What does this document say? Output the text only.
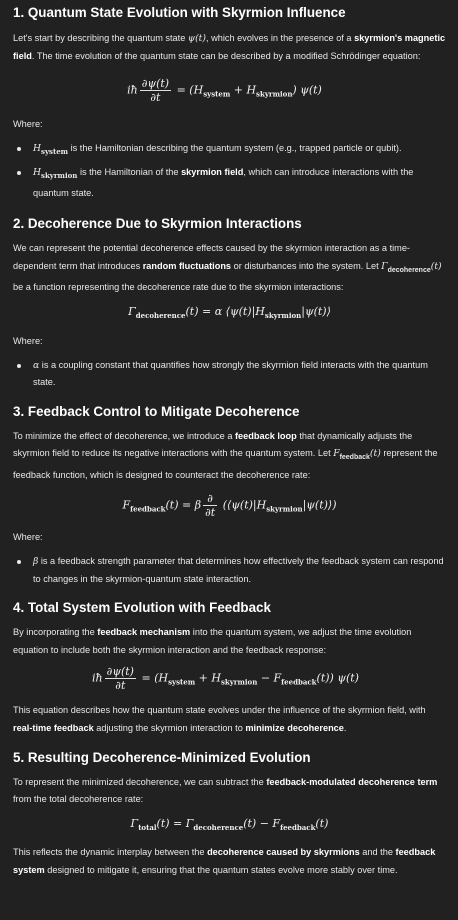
1. Quantum State Evolution with Skyrmion Influence

Let's start by describing the quantum state ψ(t), which evolves in the presence of a skyrmion's magnetic field. The time evolution of the quantum state can be described by a modified Schrödinger equation:

iħ $\frac{\partial\psi(t)}{\partial t} = (H_{system} + H_{skyrmion})$ ψ(t)

Where:

$H_{system}$ is the Hamiltonian describing the quantum system (e.g., trapped particle or qubit).
$H_{skyrmion}$ is the Hamiltonian of the skyrmion field, which can introduce interactions with the quantum state.
2. Decoherence Due to Skyrmion Interactions

We can represent the potential decoherence effects caused by the skyrmion interaction as a time-dependent term that introduces random fluctuations or disturbances into the system. Let $\Gamma_{decoherence}(t)$ be a function representing the decoherence rate due to the skyrmion interactions:

$\Gamma_{decoherence}(t) = \alpha$ $⟨\psi(t)|H_{skyrmion}|\psi(t)⟩$

Where:

α is a coupling constant that quantifies how strongly the skyrmion field interacts with the quantum state.
3. Feedback Control to Mitigate Decoherence

To minimize the effect of decoherence, we introduce a feedback loop that dynamically adjusts the skyrmion field to reduce its negative interactions with the quantum system. Let $F_{feedback}(t)$ represent the feedback function, which is designed to counteract the decoherence rate:

$F_{feedback}(t) = \beta \frac{\partial}{\partial t}$ $(⟨\psi(t)|H_{skyrmion}|\psi(t)⟩)$

Where:

β is a feedback strength parameter that determines how effectively the feedback system can respond to changes in the skyrmion-quantum state interaction.
4. Total System Evolution with Feedback

By incorporating the feedback mechanism into the quantum system, we adjust the time evolution equation to include both the skyrmion interaction and the feedback response:

iħ $\frac{\partial\psi(t)}{\partial t} = (H_{system} + H_{skyrmion} - F_{feedback}(t))$ ψ(t)

This equation describes how the quantum state evolves under the influence of the skyrmion field, with real-time feedback adjusting the skyrmion interaction to minimize decoherence.

5. Resulting Decoherence-Minimized Evolution

To represent the minimized decoherence, we can subtract the feedback-modulated decoherence term from the total decoherence rate:

$\Gamma_{total}(t) = \Gamma_{decoherence}(t) - F_{feedback}(t)$

This reflects the dynamic interplay between the decoherence caused by skyrmions and the feedback system designed to mitigate it, ensuring that the quantum states evolve more stably over time.
